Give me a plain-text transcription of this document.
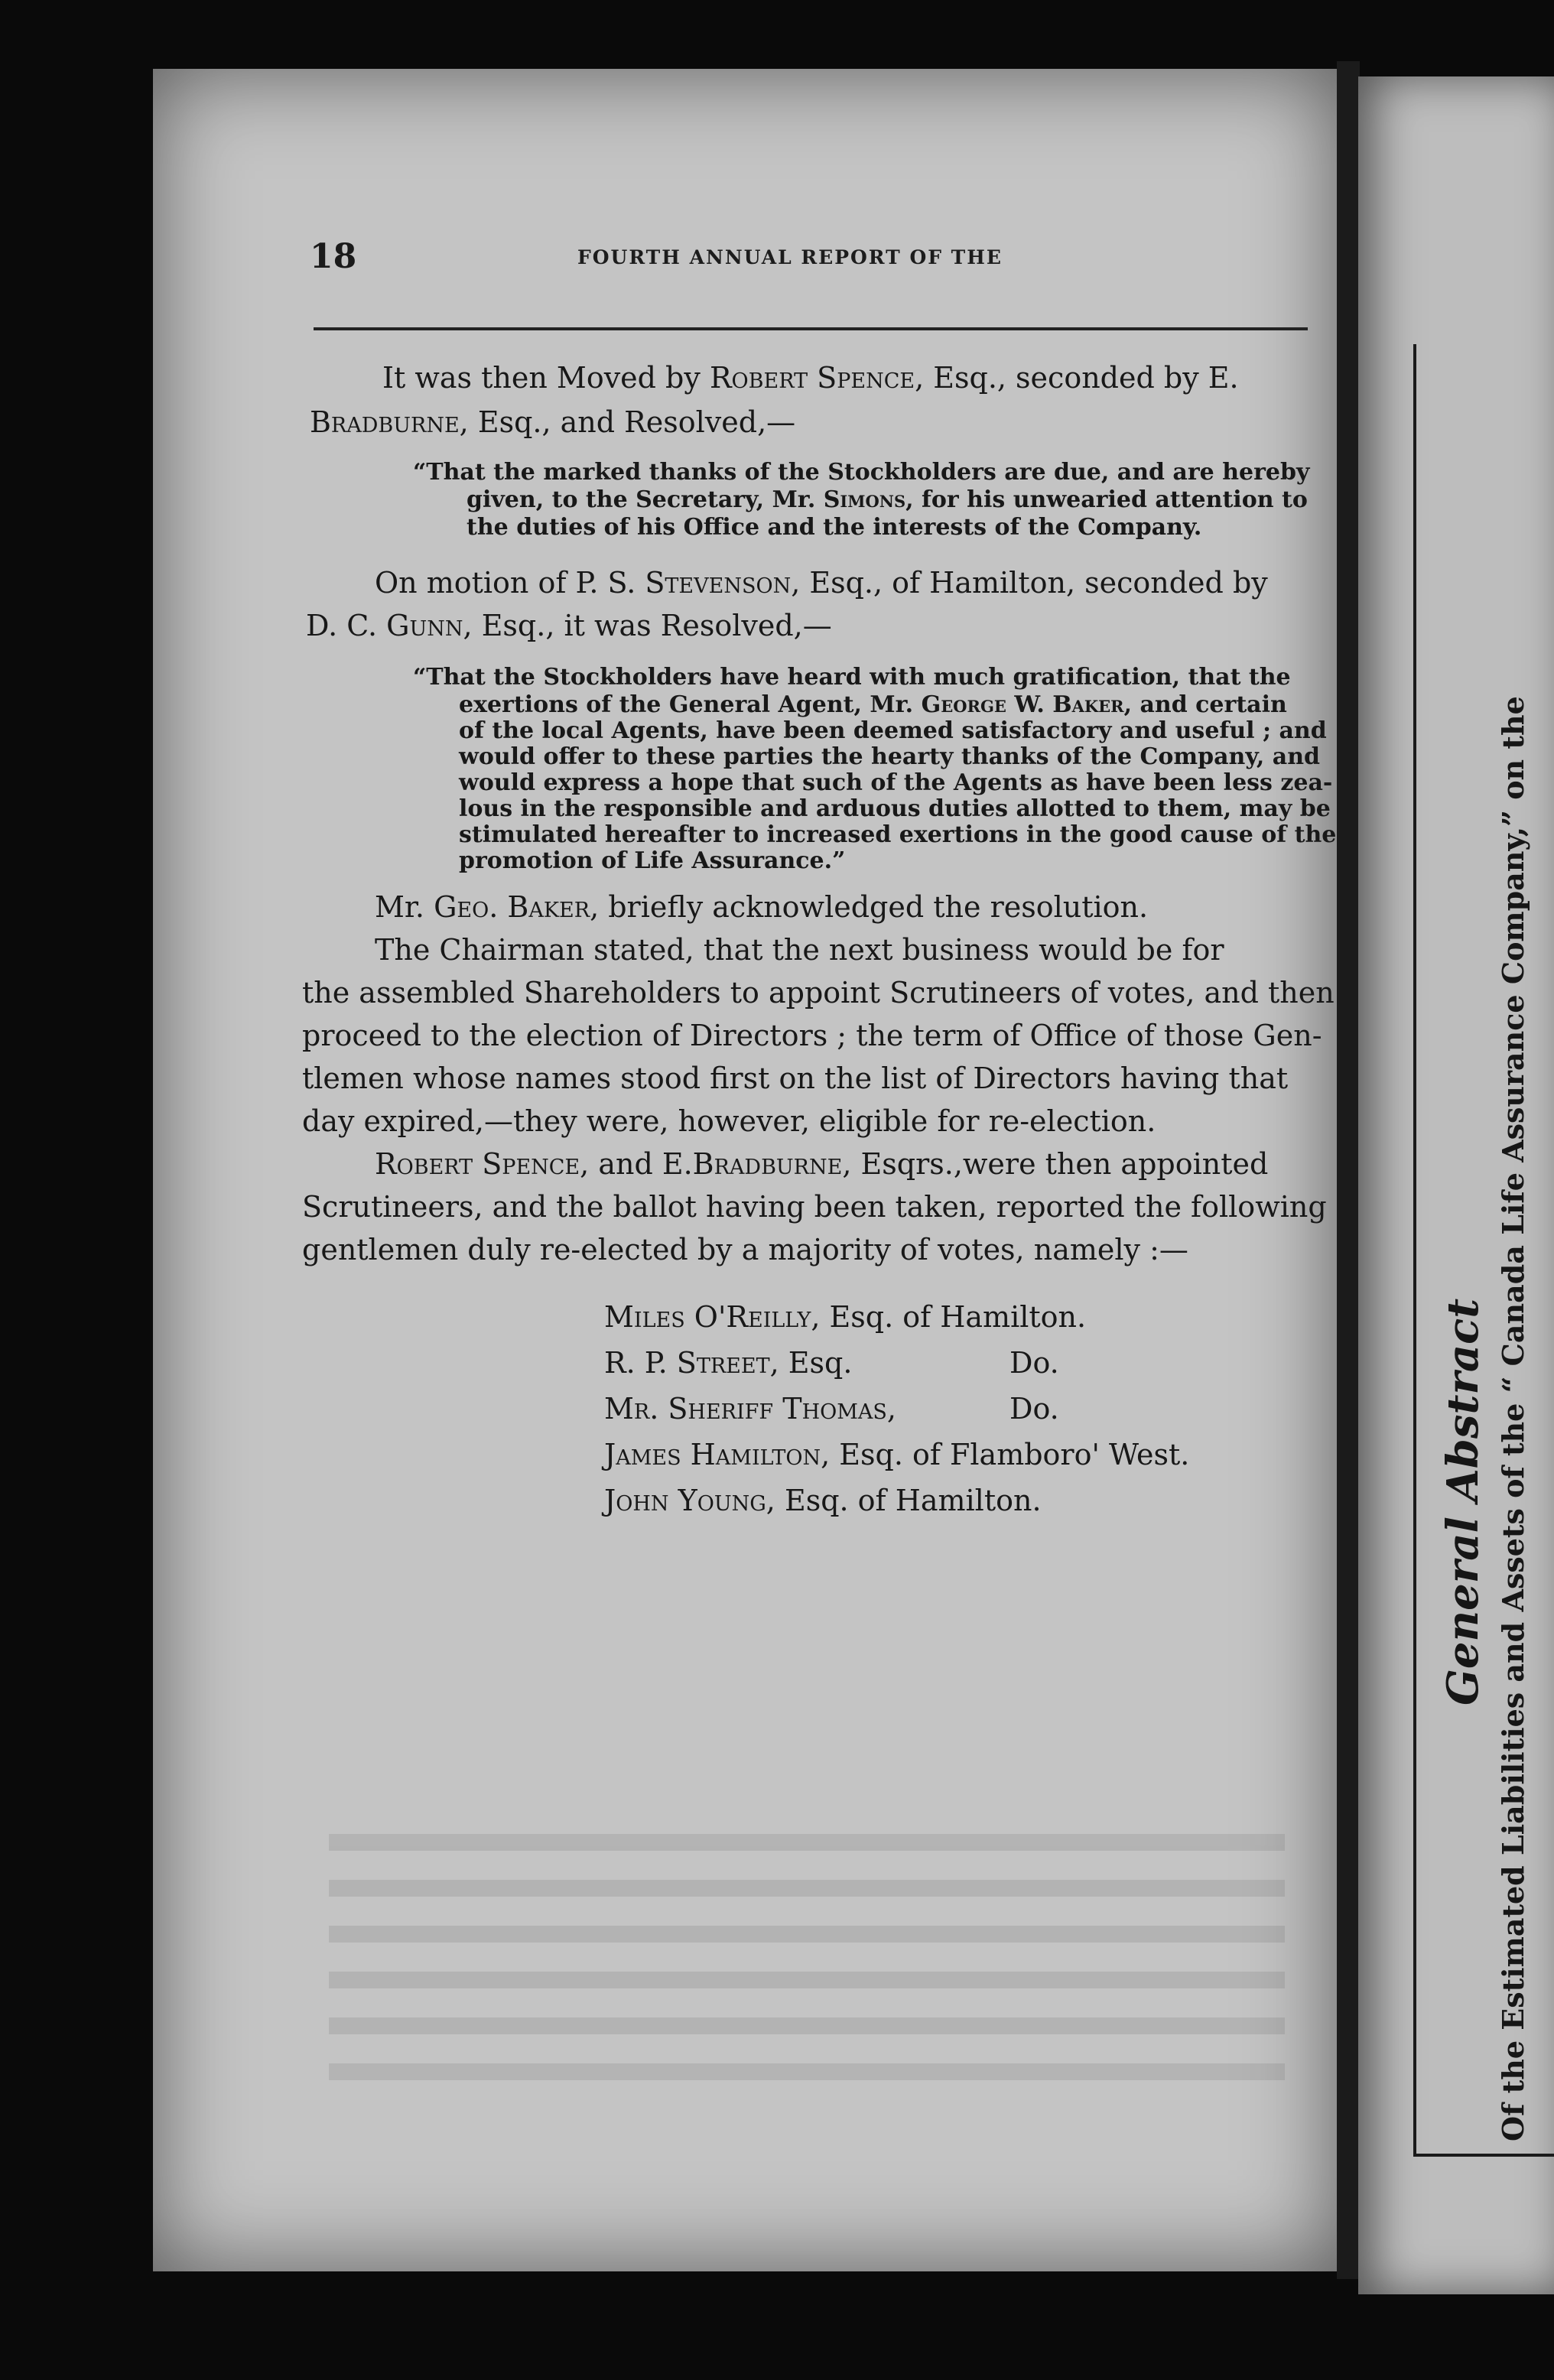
18	FOURTH ANNUAL REPORT OF THE
It was then Moved by Robert Spence, Esq., seconded by E.
Bradburne, Esq., and Resolved,—
“That the marked thanks of the Stockholders are due, and are hereby
given, to the Secretary, Mr. Simons, for his unwearied attention to
the duties of his Office and the interests of the Company.
On motion of P. S. Stevenson, Esq., of Hamilton, seconded by
D. C. Gunn, Esq., it was Resolved,—
“That the Stockholders have heard with much gratification, that the
exertions of the General Agent, Mr. George W. Baker, and certain
of the local Agents, have been deemed satisfactory and useful ; and
would offer to these parties the hearty thanks of the Company, and
would express a hope that such of the Agents as have been less zea-
lous in the responsible and arduous duties allotted to them, may be
stimulated hereafter to increased exertions in the good cause of the
promotion of Life Assurance.”
Mr. Geo. Baker, briefly acknowledged the resolution.
The Chairman stated, that the next business would be for
the assembled Shareholders to appoint Scrutineers of votes, and then
proceed to the election of Directors ; the term of Office of those Gen-
tlemen whose names stood first on the list of Directors having that
day expired,—they were, however, eligible for re-election.
Robert Spence, and E.Bradburne, Esqrs.,were then appointed
Scrutineers, and the ballot having been taken, reported the following
gentlemen duly re-elected by a majority of votes, namely :—
Miles O'Reilly, Esq. of Hamilton.
R. P. Street, Esq.	Do.
Mr. Sheriff Thomas,	Do.
James Hamilton, Esq. of Flamboro' West.
John Young, Esq. of Hamilton.	General Abstract Of the Estimated Liabilities and Assets of the “ Canada Life Assurance Company,” on the
